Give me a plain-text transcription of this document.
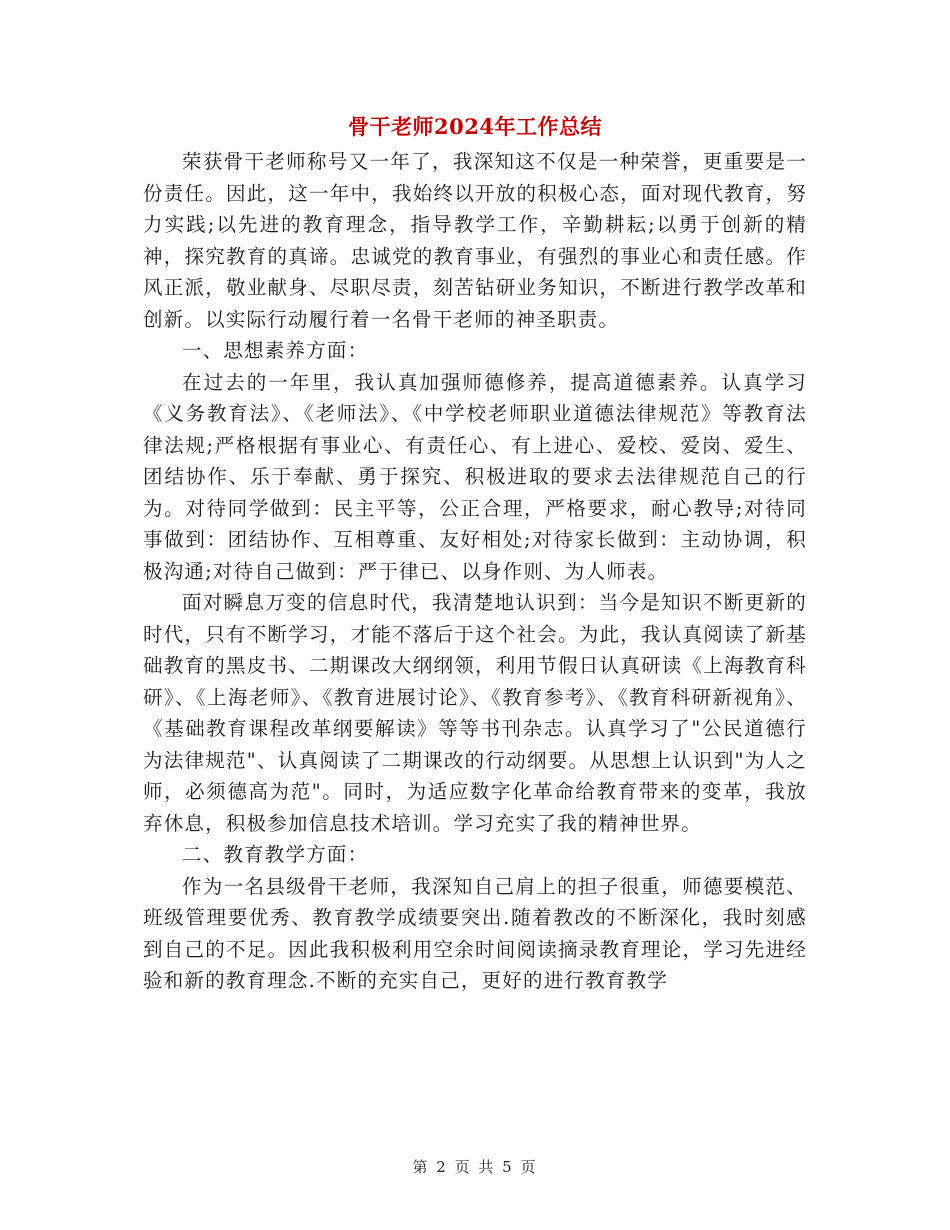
骨干老师2024年工作总结

荣获骨干老师称号又一年了，我深知这不仅是一种荣誉，更重要是一份责任。因此，这一年中，我始终以开放的积极心态，面对现代教育，努力实践;以先进的教育理念，指导教学工作，辛勤耕耘;以勇于创新的精神，探究教育的真谛。忠诚党的教育事业，有强烈的事业心和责任感。作风正派，敬业献身、尽职尽责，刻苦钻研业务知识，不断进行教学改革和创新。以实际行动履行着一名骨干老师的神圣职责。

一、思想素养方面：

在过去的一年里，我认真加强师德修养，提高道德素养。认真学习《义务教育法》、《老师法》、《中学校老师职业道德法律规范》等教育法律法规;严格根据有事业心、有责任心、有上进心、爱校、爱岗、爱生、团结协作、乐于奉献、勇于探究、积极进取的要求去法律规范自己的行为。对待同学做到：民主平等，公正合理，严格要求，耐心教导;对待同事做到：团结协作、互相尊重、友好相处;对待家长做到：主动协调，积极沟通;对待自己做到：严于律已、以身作则、为人师表。

面对瞬息万变的信息时代，我清楚地认识到：当今是知识不断更新的时代，只有不断学习，才能不落后于这个社会。为此，我认真阅读了新基础教育的黑皮书、二期课改大纲纲领，利用节假日认真研读《上海教育科研》、《上海老师》、《教育进展讨论》、《教育参考》、《教育科研新视角》、《基础教育课程改革纲要解读》等等书刊杂志。认真学习了"公民道德行为法律规范"、认真阅读了二期课改的行动纲要。从思想上认识到"为人之师，必须德高为范"。同时，为适应数字化革命给教育带来的变革，我放弃休息，积极参加信息技术培训。学习充实了我的精神世界。

二、教育教学方面：

作为一名县级骨干老师，我深知自己肩上的担子很重，师德要模范、班级管理要优秀、教育教学成绩要突出.随着教改的不断深化，我时刻感到自己的不足。因此我积极利用空余时间阅读摘录教育理论，学习先进经验和新的教育理念.不断的充实自己，更好的进行教育教学

第 2 页 共 5 页
